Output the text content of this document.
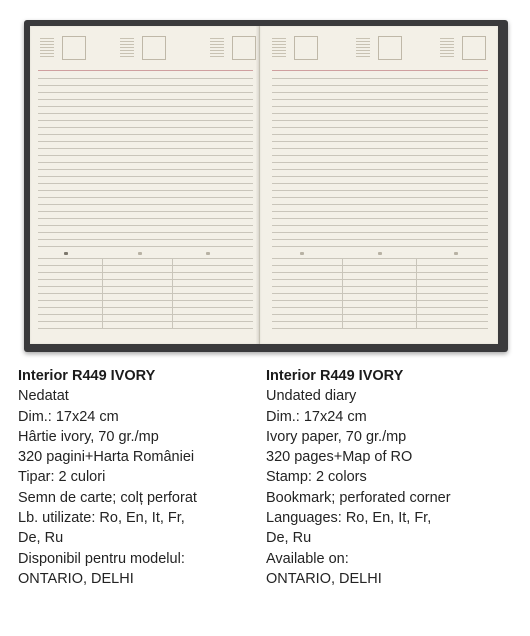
Interior R449 IVORY
Nedatat
Dim.: 17x24 cm
Hârtie ivory, 70 gr./mp
320 pagini+Harta României
Tipar: 2 culori
Semn de carte; colț perforat
Lb. utilizate: Ro, En, It, Fr,
De, Ru
Disponibil pentru modelul:
ONTARIO, DELHI
Interior R449 IVORY
Undated diary
Dim.: 17x24 cm
Ivory paper, 70 gr./mp
320 pages+Map of RO
Stamp: 2 colors
Bookmark; perforated corner
Languages: Ro, En, It, Fr,
De, Ru
Available on:
ONTARIO, DELHI
